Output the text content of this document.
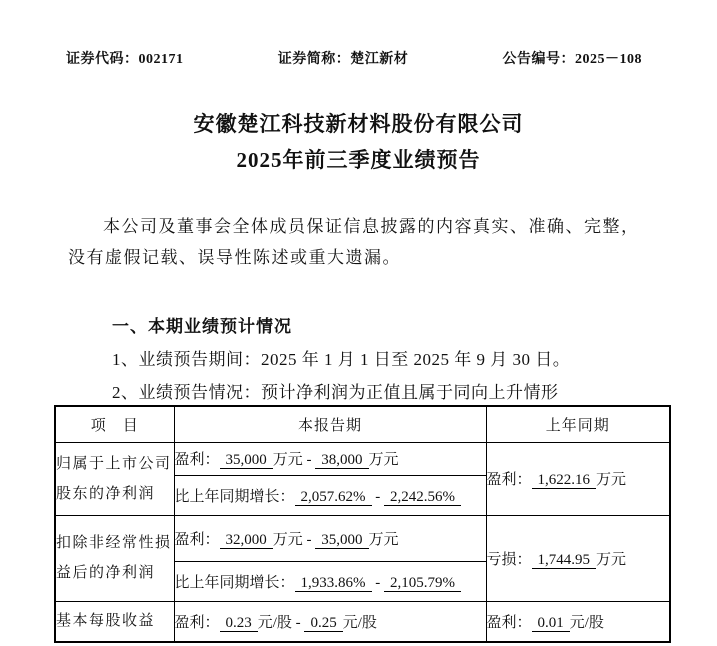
证券代码：002171	证券简称：楚江新材	公告编号：2025－108
安徽楚江科技新材料股份有限公司
2025年前三季度业绩预告
本公司及董事会全体成员保证信息披露的内容真实、准确、完整，
没有虚假记载、误导性陈述或重大遗漏。
一、本期业绩预计情况
1、业绩预告期间：2025 年 1 月 1 日至 2025 年 9 月 30 日。
2、业绩预告情况：预计净利润为正值且属于同向上升情形
项　目	本报告期	上年同期

归属于上市公司
股东的净利润	盈利： 35,000 万元 - 38,000 万元	盈利： 1,622.16 万元
	比上年同期增长： 2,057.62% - 2,242.56%	

扣除非经常性损
益后的净利润	盈利： 32,000 万元 - 35,000 万元	亏损： 1,744.95 万元
	比上年同期增长： 1,933.86% - 2,105.79%	

基本每股收益	盈利： 0.23 元/股 - 0.25 元/股	盈利： 0.01 元/股
